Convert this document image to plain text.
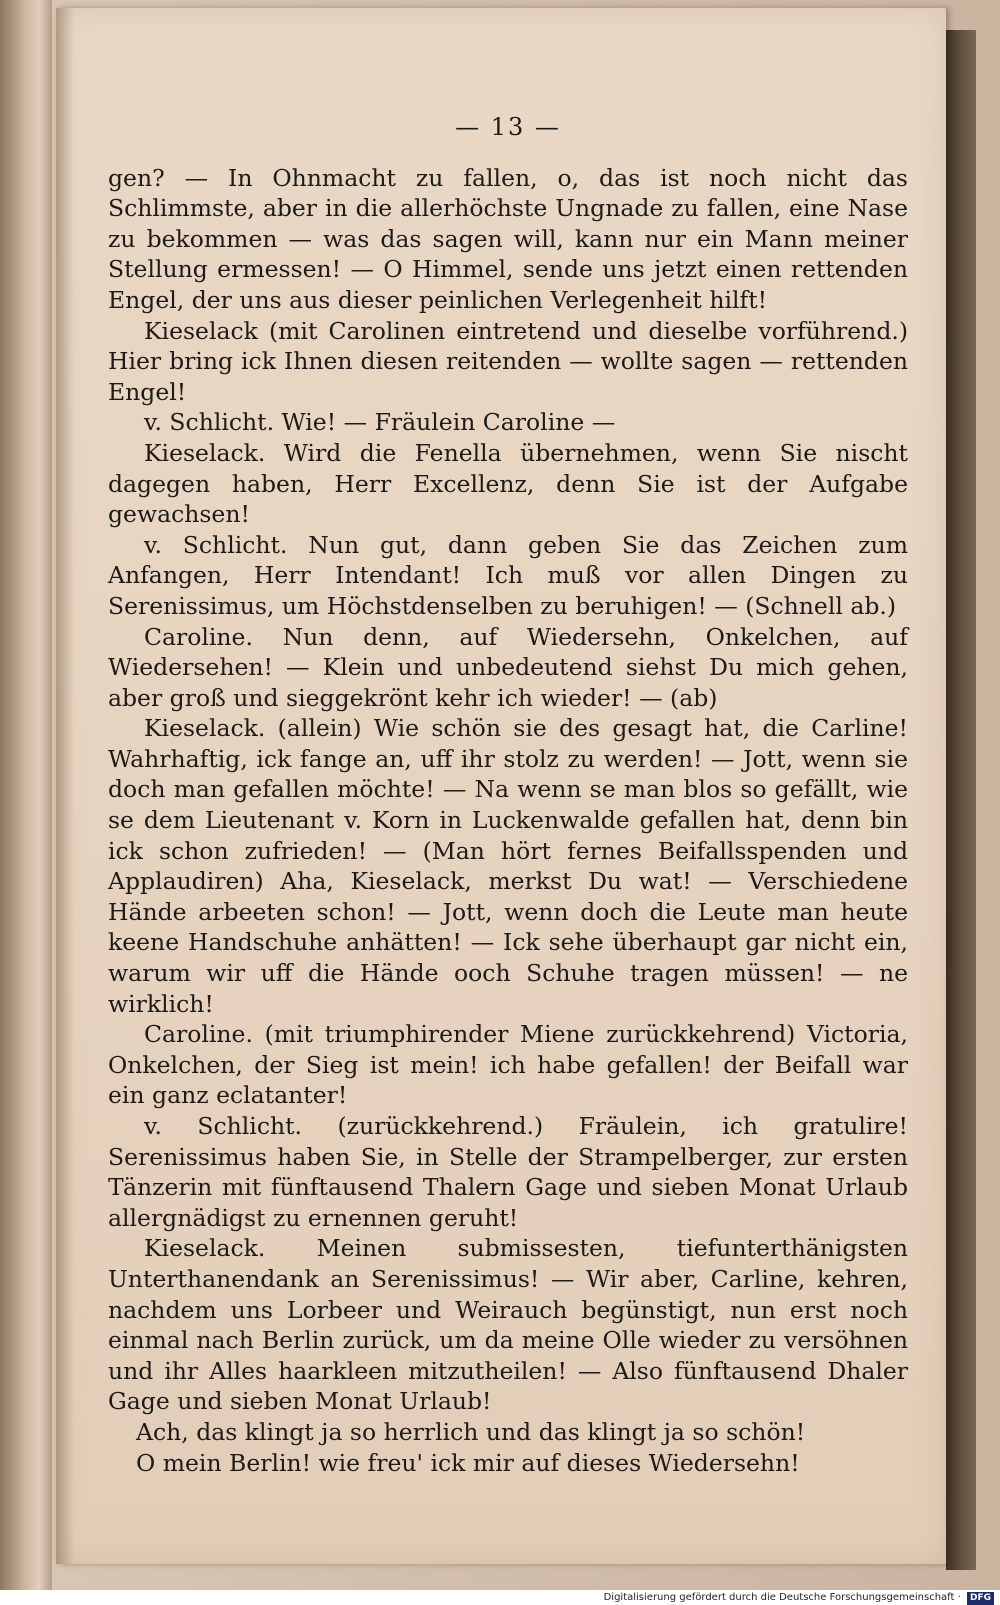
— 13 —

gen? — In Ohnmacht zu fallen, o, das ist noch nicht das Schlimmste, aber in die allerhöchste Ungnade zu fallen, eine Nase zu bekommen — was das sagen will, kann nur ein Mann meiner Stellung ermessen! — O Himmel, sende uns jetzt einen rettenden Engel, der uns aus dieser peinlichen Verlegenheit hilft!

Kieselack (mit Carolinen eintretend und dieselbe vorführend.) Hier bring ick Ihnen diesen reitenden — wollte sagen — rettenden Engel!

v. Schlicht. Wie! — Fräulein Caroline —

Kieselack. Wird die Fenella übernehmen, wenn Sie nischt dagegen haben, Herr Excellenz, denn Sie ist der Aufgabe gewachsen!

v. Schlicht. Nun gut, dann geben Sie das Zeichen zum Anfangen, Herr Intendant! Ich muß vor allen Dingen zu Serenissimus, um Höchstdenselben zu beruhigen! — (Schnell ab.)

Caroline. Nun denn, auf Wiedersehn, Onkelchen, auf Wiedersehen! — Klein und unbedeutend siehst Du mich gehen, aber groß und sieggekrönt kehr ich wieder! — (ab)

Kieselack. (allein) Wie schön sie des gesagt hat, die Carline! Wahrhaftig, ick fange an, uff ihr stolz zu werden! — Jott, wenn sie doch man gefallen möchte! — Na wenn se man blos so gefällt, wie se dem Lieutenant v. Korn in Luckenwalde gefallen hat, denn bin ick schon zufrieden! — (Man hört fernes Beifallsspenden und Applaudiren) Aha, Kieselack, merkst Du wat! — Verschiedene Hände arbeeten schon! — Jott, wenn doch die Leute man heute keene Handschuhe anhätten! — Ick sehe überhaupt gar nicht ein, warum wir uff die Hände ooch Schuhe tragen müssen! — ne wirklich!

Caroline. (mit triumphirender Miene zurückkehrend) Victoria, Onkelchen, der Sieg ist mein! ich habe gefallen! der Beifall war ein ganz eclatanter!

v. Schlicht. (zurückkehrend.) Fräulein, ich gratulire! Serenissimus haben Sie, in Stelle der Strampelberger, zur ersten Tänzerin mit fünftausend Thalern Gage und sieben Monat Urlaub allergnädigst zu ernennen geruht!

Kieselack. Meinen submissesten, tiefunterthänigsten Unterthanendank an Serenissimus! — Wir aber, Carline, kehren, nachdem uns Lorbeer und Weirauch begünstigt, nun erst noch einmal nach Berlin zurück, um da meine Olle wieder zu versöhnen und ihr Alles haarkleen mitzutheilen! — Also fünftausend Dhaler Gage und sieben Monat Urlaub!

Ach, das klingt ja so herrlich und das klingt ja so schön!

O mein Berlin! wie freu' ick mir auf dieses Wiedersehn!

Digitalisierung gefördert durch die Deutsche Forschungsgemeinschaft · DFG
